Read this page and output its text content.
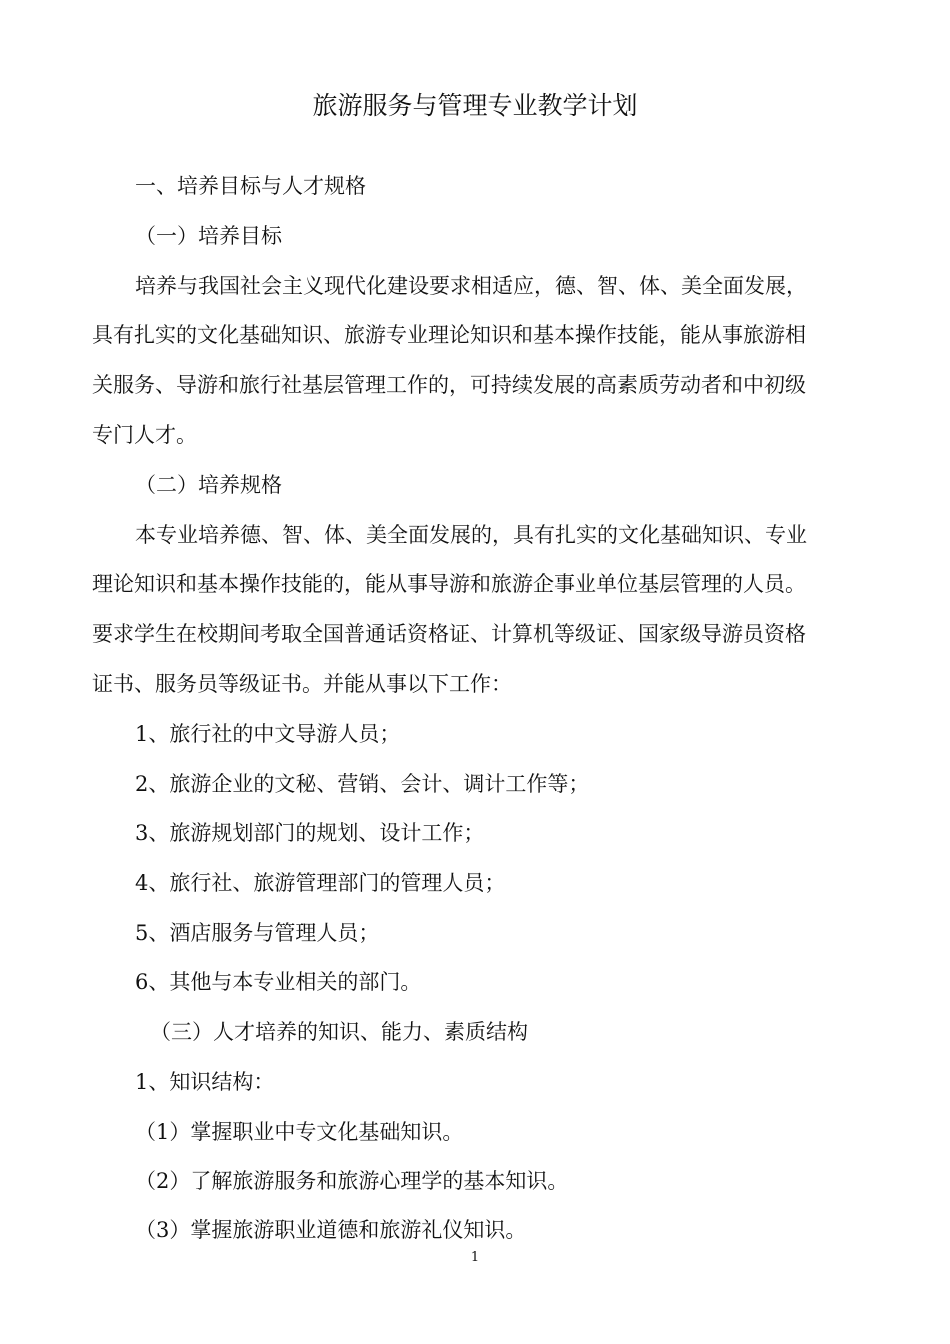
旅游服务与管理专业教学计划
一、培养目标与人才规格
（一）培养目标
培养与我国社会主义现代化建设要求相适应，德、智、体、美全面发展，
具有扎实的文化基础知识、旅游专业理论知识和基本操作技能，能从事旅游相
关服务、导游和旅行社基层管理工作的，可持续发展的高素质劳动者和中初级
专门人才。
（二）培养规格
本专业培养德、智、体、美全面发展的，具有扎实的文化基础知识、专业
理论知识和基本操作技能的，能从事导游和旅游企事业单位基层管理的人员。
要求学生在校期间考取全国普通话资格证、计算机等级证、国家级导游员资格
证书、服务员等级证书。并能从事以下工作：
1、旅行社的中文导游人员；
2、旅游企业的文秘、营销、会计、调计工作等；
3、旅游规划部门的规划、设计工作；
4、旅行社、旅游管理部门的管理人员；
5、酒店服务与管理人员；
6、其他与本专业相关的部门。
（三）人才培养的知识、能力、素质结构
1、知识结构：
（1）掌握职业中专文化基础知识。
（2）了解旅游服务和旅游心理学的基本知识。
（3）掌握旅游职业道德和旅游礼仪知识。
1
